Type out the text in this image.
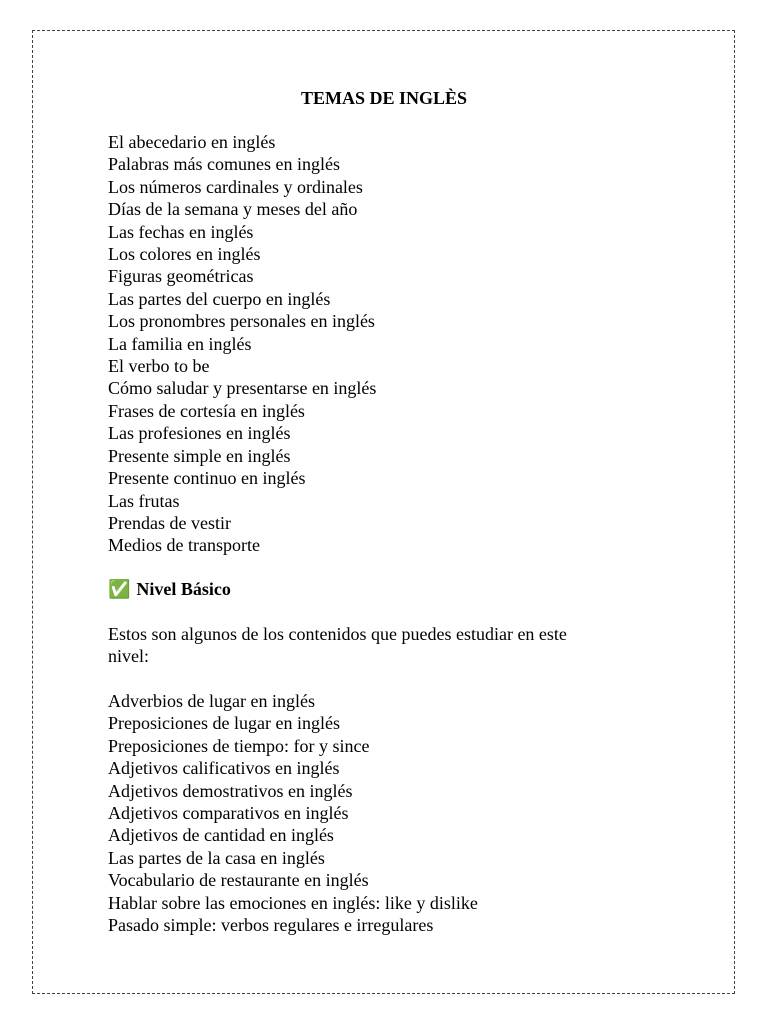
TEMAS DE INGLÈS
El abecedario en inglés
Palabras más comunes en inglés
Los números cardinales y ordinales
Días de la semana y meses del año
Las fechas en inglés
Los colores en inglés
Figuras geométricas
Las partes del cuerpo en inglés
Los pronombres personales en inglés
La familia en inglés
El verbo to be
Cómo saludar y presentarse en inglés
Frases de cortesía en inglés
Las profesiones en inglés
Presente simple en inglés
Presente continuo en inglés
Las frutas
Prendas de vestir
Medios de transporte
✅ Nivel Básico
Estos son algunos de los contenidos que puedes estudiar en este
nivel:
Adverbios de lugar en inglés
Preposiciones de lugar en inglés
Preposiciones de tiempo: for y since
Adjetivos calificativos en inglés
Adjetivos demostrativos en inglés
Adjetivos comparativos en inglés
Adjetivos de cantidad en inglés
Las partes de la casa en inglés
Vocabulario de restaurante en inglés
Hablar sobre las emociones en inglés: like y dislike
Pasado simple: verbos regulares e irregulares
